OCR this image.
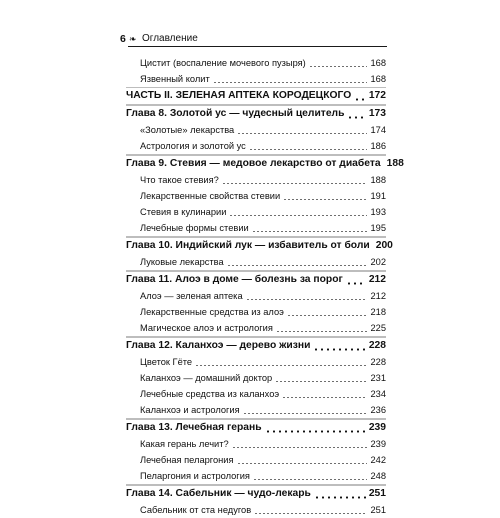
6 ❧ Оглавление
Цистит (воспаление мочевого пузыря)	168
Язвенный колит	168
ЧАСТЬ II. ЗЕЛЕНАЯ АПТЕКА КОРОДЕЦКОГО 172
Глава 8. Золотой ус — чудесный целитель 173
«Золотые» лекарства	174
Астрология и золотой ус	186
Глава 9. Стевия — медовое лекарство от диабета 188
Что такое стевия?	188
Лекарственные свойства стевии	191
Стевия в кулинарии	193
Лечебные формы стевии	195
Глава 10. Индийский лук — избавитель от боли 200
Луковые лекарства	202
Глава 11. Алоэ в доме — болезнь за порог	212
Алоэ — зеленая аптека	212
Лекарственные средства из алоэ	218
Магическое алоэ и астрология	225
Глава 12. Каланхоэ — дерево жизни	228
Цветок Гёте	228
Каланхоэ — домашний доктор	231
Лечебные средства из каланхоэ	234
Каланхоэ и астрология	236
Глава 13. Лечебная герань	239
Какая герань лечит?	239
Лечебная пеларгония	242
Пеларгония и астрология	248
Глава 14. Сабельник — чудо-лекарь	251
Сабельник от ста недугов	251
